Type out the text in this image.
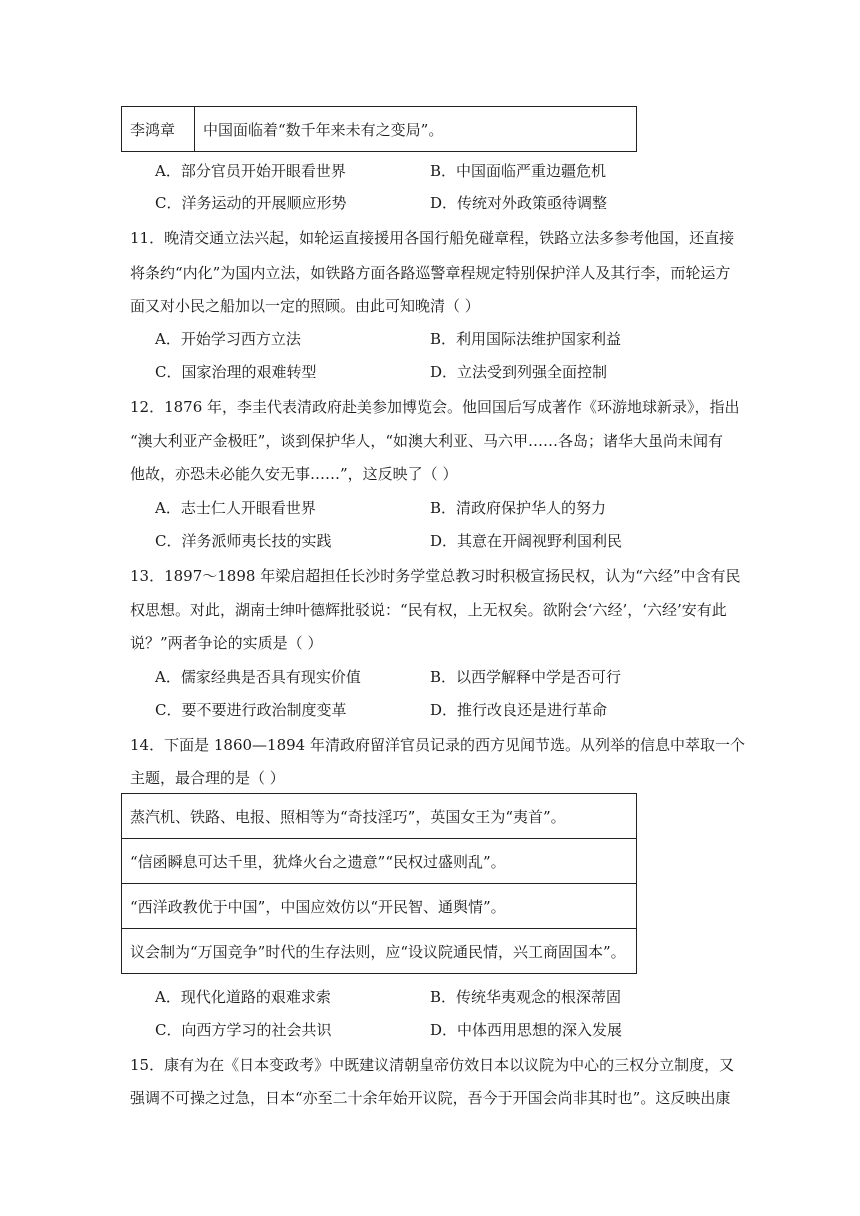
李鸿章	中国面临着“数千年来未有之变局”。
A．部分官员开始开眼看世界	B．中国面临严重边疆危机
C．洋务运动的开展顺应形势	D．传统对外政策亟待调整
11．晚清交通立法兴起，如轮运直接援用各国行船免碰章程，铁路立法多参考他国，还直接
将条约“内化”为国内立法，如铁路方面各路巡警章程规定特别保护洋人及其行李，而轮运方
面又对小民之船加以一定的照顾。由此可知晚清（ ）
A．开始学习西方立法	B．利用国际法维护国家利益
C．国家治理的艰难转型	D．立法受到列强全面控制
12．1876 年，李圭代表清政府赴美参加博览会。他回国后写成著作《环游地球新录》，指出
“澳大利亚产金极旺”，谈到保护华人，“如澳大利亚、马六甲……各岛；诸华大虽尚未闻有
他故，亦恐未必能久安无事……”，这反映了（ ）
A．志士仁人开眼看世界	B．清政府保护华人的努力
C．洋务派师夷长技的实践	D．其意在开阔视野利国利民
13．1897～1898 年梁启超担任长沙时务学堂总教习时积极宣扬民权，认为“六经”中含有民
权思想。对此，湖南士绅叶德辉批驳说：“民有权，上无权矣。欲附会‘六经’，‘六经’安有此
说？”两者争论的实质是（ ）
A．儒家经典是否具有现实价值	B．以西学解释中学是否可行
C．要不要进行政治制度变革	D．推行改良还是进行革命
14．下面是 1860—1894 年清政府留洋官员记录的西方见闻节选。从列举的信息中萃取一个
主题，最合理的是（ ）
蒸汽机、铁路、电报、照相等为“奇技淫巧”，英国女王为“夷首”。
“信函瞬息可达千里，犹烽火台之遗意”“民权过盛则乱”。
“西洋政教优于中国”，中国应效仿以“开民智、通舆情”。
议会制为“万国竞争”时代的生存法则，应“设议院通民情，兴工商固国本”。
A．现代化道路的艰难求索	B．传统华夷观念的根深蒂固
C．向西方学习的社会共识	D．中体西用思想的深入发展
15．康有为在《日本变政考》中既建议清朝皇帝仿效日本以议院为中心的三权分立制度，又
强调不可操之过急，日本“亦至二十余年始开议院，吾今于开国会尚非其时也”。这反映出康
